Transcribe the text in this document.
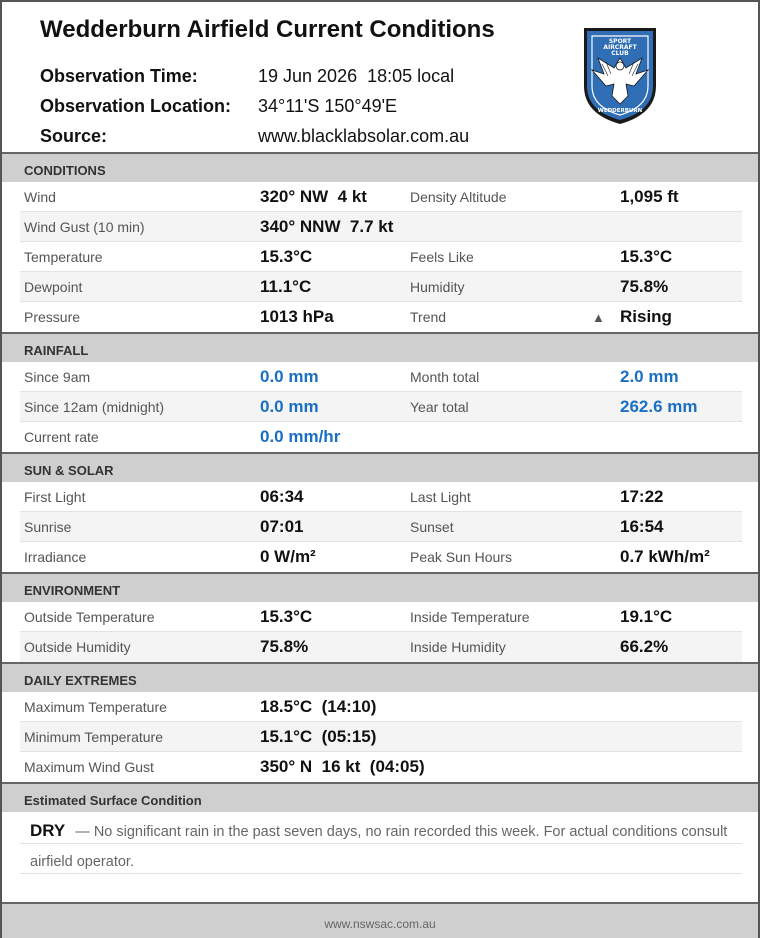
Wedderburn Airfield Current Conditions
Observation Time:	19 Jun 2026  18:05 local
Observation Location:	34°11'S 150°49'E
Source:	www.blacklabsolar.com.au
SPORT
AIRCRAFT
CLUB
WEDDERBURN
CONDITIONS
Wind	320° NW  4 kt	Density Altitude	1,095 ft
Wind Gust (10 min)	340° NNW  7.7 kt
Temperature	15.3°C	Feels Like	15.3°C
Dewpoint	11.1°C	Humidity	75.8%
Pressure	1013 hPa	Trend	▲ Rising
RAINFALL
Since 9am	0.0 mm	Month total	2.0 mm
Since 12am (midnight)	0.0 mm	Year total	262.6 mm
Current rate	0.0 mm/hr
SUN & SOLAR
First Light	06:34	Last Light	17:22
Sunrise	07:01	Sunset	16:54
Irradiance	0 W/m²	Peak Sun Hours	0.7 kWh/m²
ENVIRONMENT
Outside Temperature	15.3°C	Inside Temperature	19.1°C
Outside Humidity	75.8%	Inside Humidity	66.2%
DAILY EXTREMES
Maximum Temperature	18.5°C  (14:10)
Minimum Temperature	15.1°C  (05:15)
Maximum Wind Gust	350° N  16 kt  (04:05)
Estimated Surface Condition
DRY — No significant rain in the past seven days, no rain recorded this week. For actual conditions consult airfield operator.
www.nswsac.com.au
